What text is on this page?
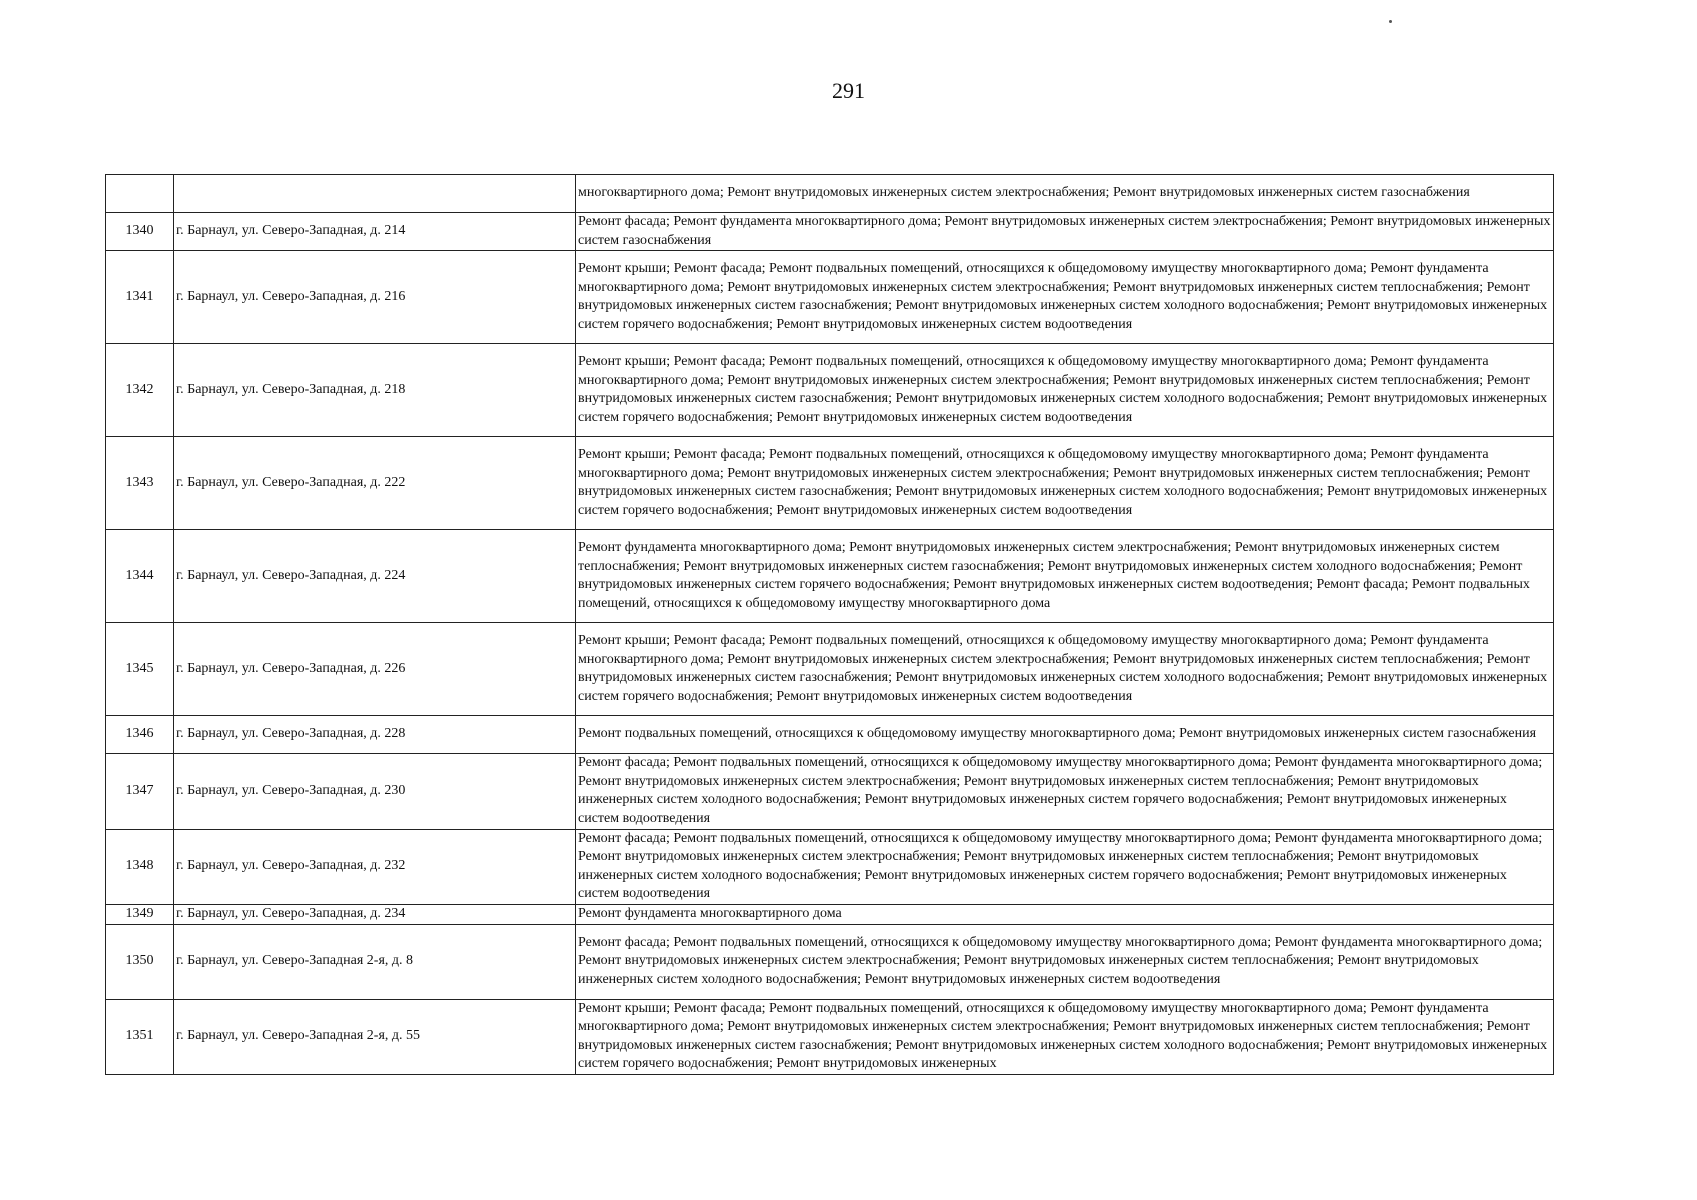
291
		многоквартирного дома; Ремонт внутридомовых инженерных систем электроснабжения; Ремонт внутридомовых инженерных систем газоснабжения
1340	г. Барнаул, ул. Северо-Западная, д. 214	Ремонт фасада; Ремонт фундамента многоквартирного дома; Ремонт внутридомовых инженерных систем электроснабжения; Ремонт внутридомовых инженерных систем газоснабжения
1341	г. Барнаул, ул. Северо-Западная, д. 216	Ремонт крыши; Ремонт фасада; Ремонт подвальных помещений, относящихся к общедомовому имуществу многоквартирного дома; Ремонт фундамента многоквартирного дома; Ремонт внутридомовых инженерных систем электроснабжения; Ремонт внутридомовых инженерных систем теплоснабжения; Ремонт внутридомовых инженерных систем газоснабжения; Ремонт внутридомовых инженерных систем холодного водоснабжения; Ремонт внутридомовых инженерных систем горячего водоснабжения; Ремонт внутридомовых инженерных систем водоотведения
1342	г. Барнаул, ул. Северо-Западная, д. 218	Ремонт крыши; Ремонт фасада; Ремонт подвальных помещений, относящихся к общедомовому имуществу многоквартирного дома; Ремонт фундамента многоквартирного дома; Ремонт внутридомовых инженерных систем электроснабжения; Ремонт внутридомовых инженерных систем теплоснабжения; Ремонт внутридомовых инженерных систем газоснабжения; Ремонт внутридомовых инженерных систем холодного водоснабжения; Ремонт внутридомовых инженерных систем горячего водоснабжения; Ремонт внутридомовых инженерных систем водоотведения
1343	г. Барнаул, ул. Северо-Западная, д. 222	Ремонт крыши; Ремонт фасада; Ремонт подвальных помещений, относящихся к общедомовому имуществу многоквартирного дома; Ремонт фундамента многоквартирного дома; Ремонт внутридомовых инженерных систем электроснабжения; Ремонт внутридомовых инженерных систем теплоснабжения; Ремонт внутридомовых инженерных систем газоснабжения; Ремонт внутридомовых инженерных систем холодного водоснабжения; Ремонт внутридомовых инженерных систем горячего водоснабжения; Ремонт внутридомовых инженерных систем водоотведения
1344	г. Барнаул, ул. Северо-Западная, д. 224	Ремонт фундамента многоквартирного дома; Ремонт внутридомовых инженерных систем электроснабжения; Ремонт внутридомовых инженерных систем теплоснабжения; Ремонт внутридомовых инженерных систем газоснабжения; Ремонт внутридомовых инженерных систем холодного водоснабжения; Ремонт внутридомовых инженерных систем горячего водоснабжения; Ремонт внутридомовых инженерных систем водоотведения; Ремонт фасада; Ремонт подвальных помещений, относящихся к общедомовому имуществу многоквартирного дома
1345	г. Барнаул, ул. Северо-Западная, д. 226	Ремонт крыши; Ремонт фасада; Ремонт подвальных помещений, относящихся к общедомовому имуществу многоквартирного дома; Ремонт фундамента многоквартирного дома; Ремонт внутридомовых инженерных систем электроснабжения; Ремонт внутридомовых инженерных систем теплоснабжения; Ремонт внутридомовых инженерных систем газоснабжения; Ремонт внутридомовых инженерных систем холодного водоснабжения; Ремонт внутридомовых инженерных систем горячего водоснабжения; Ремонт внутридомовых инженерных систем водоотведения
1346	г. Барнаул, ул. Северо-Западная, д. 228	Ремонт подвальных помещений, относящихся к общедомовому имуществу многоквартирного дома; Ремонт внутридомовых инженерных систем газоснабжения
1347	г. Барнаул, ул. Северо-Западная, д. 230	Ремонт фасада; Ремонт подвальных помещений, относящихся к общедомовому имуществу многоквартирного дома; Ремонт фундамента многоквартирного дома; Ремонт внутридомовых инженерных систем электроснабжения; Ремонт внутридомовых инженерных систем теплоснабжения; Ремонт внутридомовых инженерных систем холодного водоснабжения; Ремонт внутридомовых инженерных систем горячего водоснабжения; Ремонт внутридомовых инженерных систем водоотведения
1348	г. Барнаул, ул. Северо-Западная, д. 232	Ремонт фасада; Ремонт подвальных помещений, относящихся к общедомовому имуществу многоквартирного дома; Ремонт фундамента многоквартирного дома; Ремонт внутридомовых инженерных систем электроснабжения; Ремонт внутридомовых инженерных систем теплоснабжения; Ремонт внутридомовых инженерных систем холодного водоснабжения; Ремонт внутридомовых инженерных систем горячего водоснабжения; Ремонт внутридомовых инженерных систем водоотведения
1349	г. Барнаул, ул. Северо-Западная, д. 234	Ремонт фундамента многоквартирного дома
1350	г. Барнаул, ул. Северо-Западная 2-я, д. 8	Ремонт фасада; Ремонт подвальных помещений, относящихся к общедомовому имуществу многоквартирного дома; Ремонт фундамента многоквартирного дома; Ремонт внутридомовых инженерных систем электроснабжения; Ремонт внутридомовых инженерных систем теплоснабжения; Ремонт внутридомовых инженерных систем холодного водоснабжения; Ремонт внутридомовых инженерных систем водоотведения
1351	г. Барнаул, ул. Северо-Западная 2-я, д. 55	Ремонт крыши; Ремонт фасада; Ремонт подвальных помещений, относящихся к общедомовому имуществу многоквартирного дома; Ремонт фундамента многоквартирного дома; Ремонт внутридомовых инженерных систем электроснабжения; Ремонт внутридомовых инженерных систем теплоснабжения; Ремонт внутридомовых инженерных систем газоснабжения; Ремонт внутридомовых инженерных систем холодного водоснабжения; Ремонт внутридомовых инженерных систем горячего водоснабжения; Ремонт внутридомовых инженерных
